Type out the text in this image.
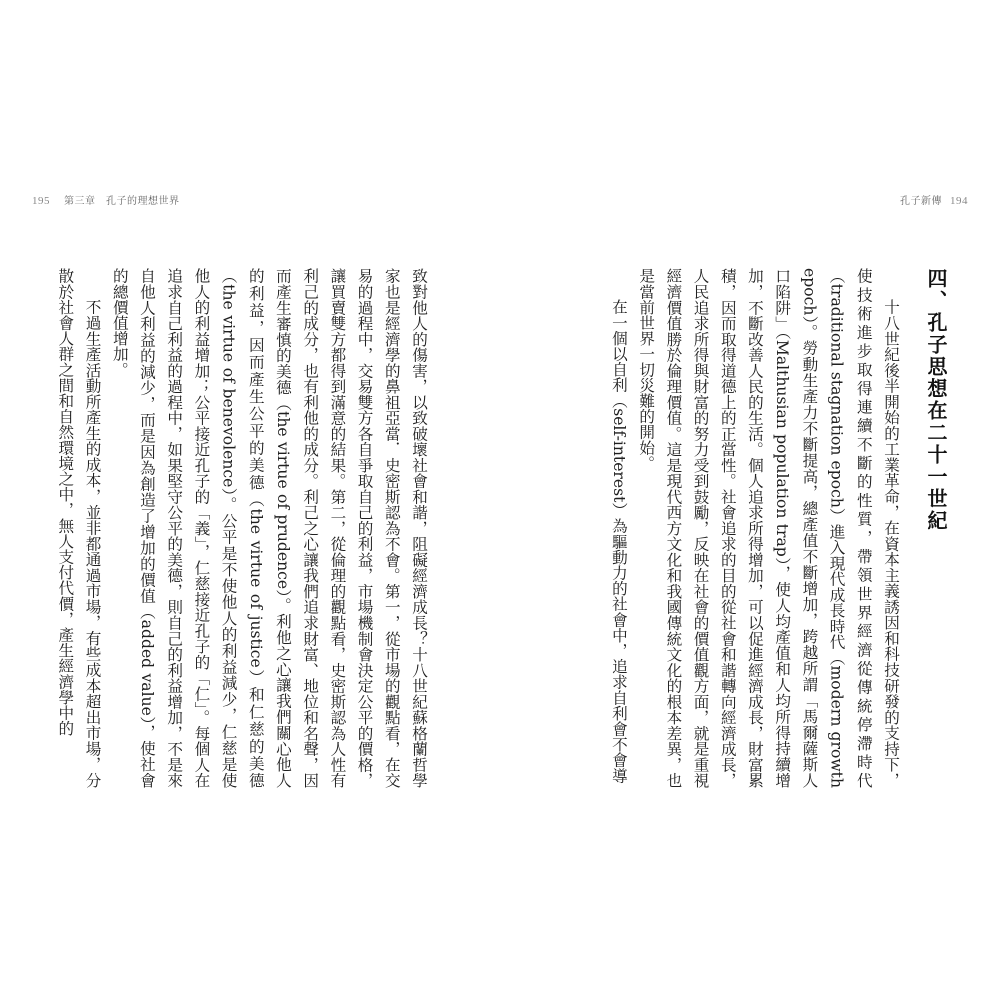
195 第三章　孔子的理想世界	孔子新傳 194
四、孔子思想在二十一世紀

十八世紀後半開始的工業革命，在資本主義誘因和科技研發的支持下，使技術進步取得連續不斷的性質，帶領世界經濟從傳統停滯時代（traditional stagnation epoch）進入現代成長時代（modern growth epoch）。勞動生產力不斷提高，總產值不斷增加，跨越所謂「馬爾薩斯人口陷阱」（Malthusian population trap），使人均產值和人均所得持續增加，不斷改善人民的生活。個人追求所得增加，可以促進經濟成長，財富累積，因而取得道德上的正當性。社會追求的目的從社會和諧轉向經濟成長，人民追求所得與財富的努力受到鼓勵，反映在社會的價值觀方面，就是重視經濟價值勝於倫理價值。這是現代西方文化和我國傳統文化的根本差異，也是當前世界一切災難的開始。

在一個以自利（self-interest）為驅動力的社會中，追求自利會不會導

致對他人的傷害，以致破壞社會和諧，阻礙經濟成長？十八世紀蘇格蘭哲學家也是經濟學的鼻祖亞當．史密斯認為不會。第一，從市場的觀點看，在交易的過程中，交易雙方各自爭取自己的利益，市場機制會決定公平的價格，讓買賣雙方都得到滿意的結果。第二，從倫理的觀點看，史密斯認為人性有利己的成分，也有利他的成分。利己之心讓我們追求財富、地位和名聲，因而產生審慎的美德（the virtue of prudence）。利他之心讓我們關心他人的利益，因而產生公平的美德（the virtue of justice）和仁慈的美德（the virtue of benevolence）。公平是不使他人的利益減少，仁慈是使他人的利益增加；公平接近孔子的「義」，仁慈接近孔子的「仁」。每個人在追求自己利益的過程中，如果堅守公平的美德，則自己的利益增加，不是來自他人利益的減少，而是因為創造了增加的價值（added value），使社會的總價值增加。

不過生產活動所產生的成本，並非都通過市場，有些成本超出市場，分散於社會人群之間和自然環境之中，無人支付代價，產生經濟學中的
